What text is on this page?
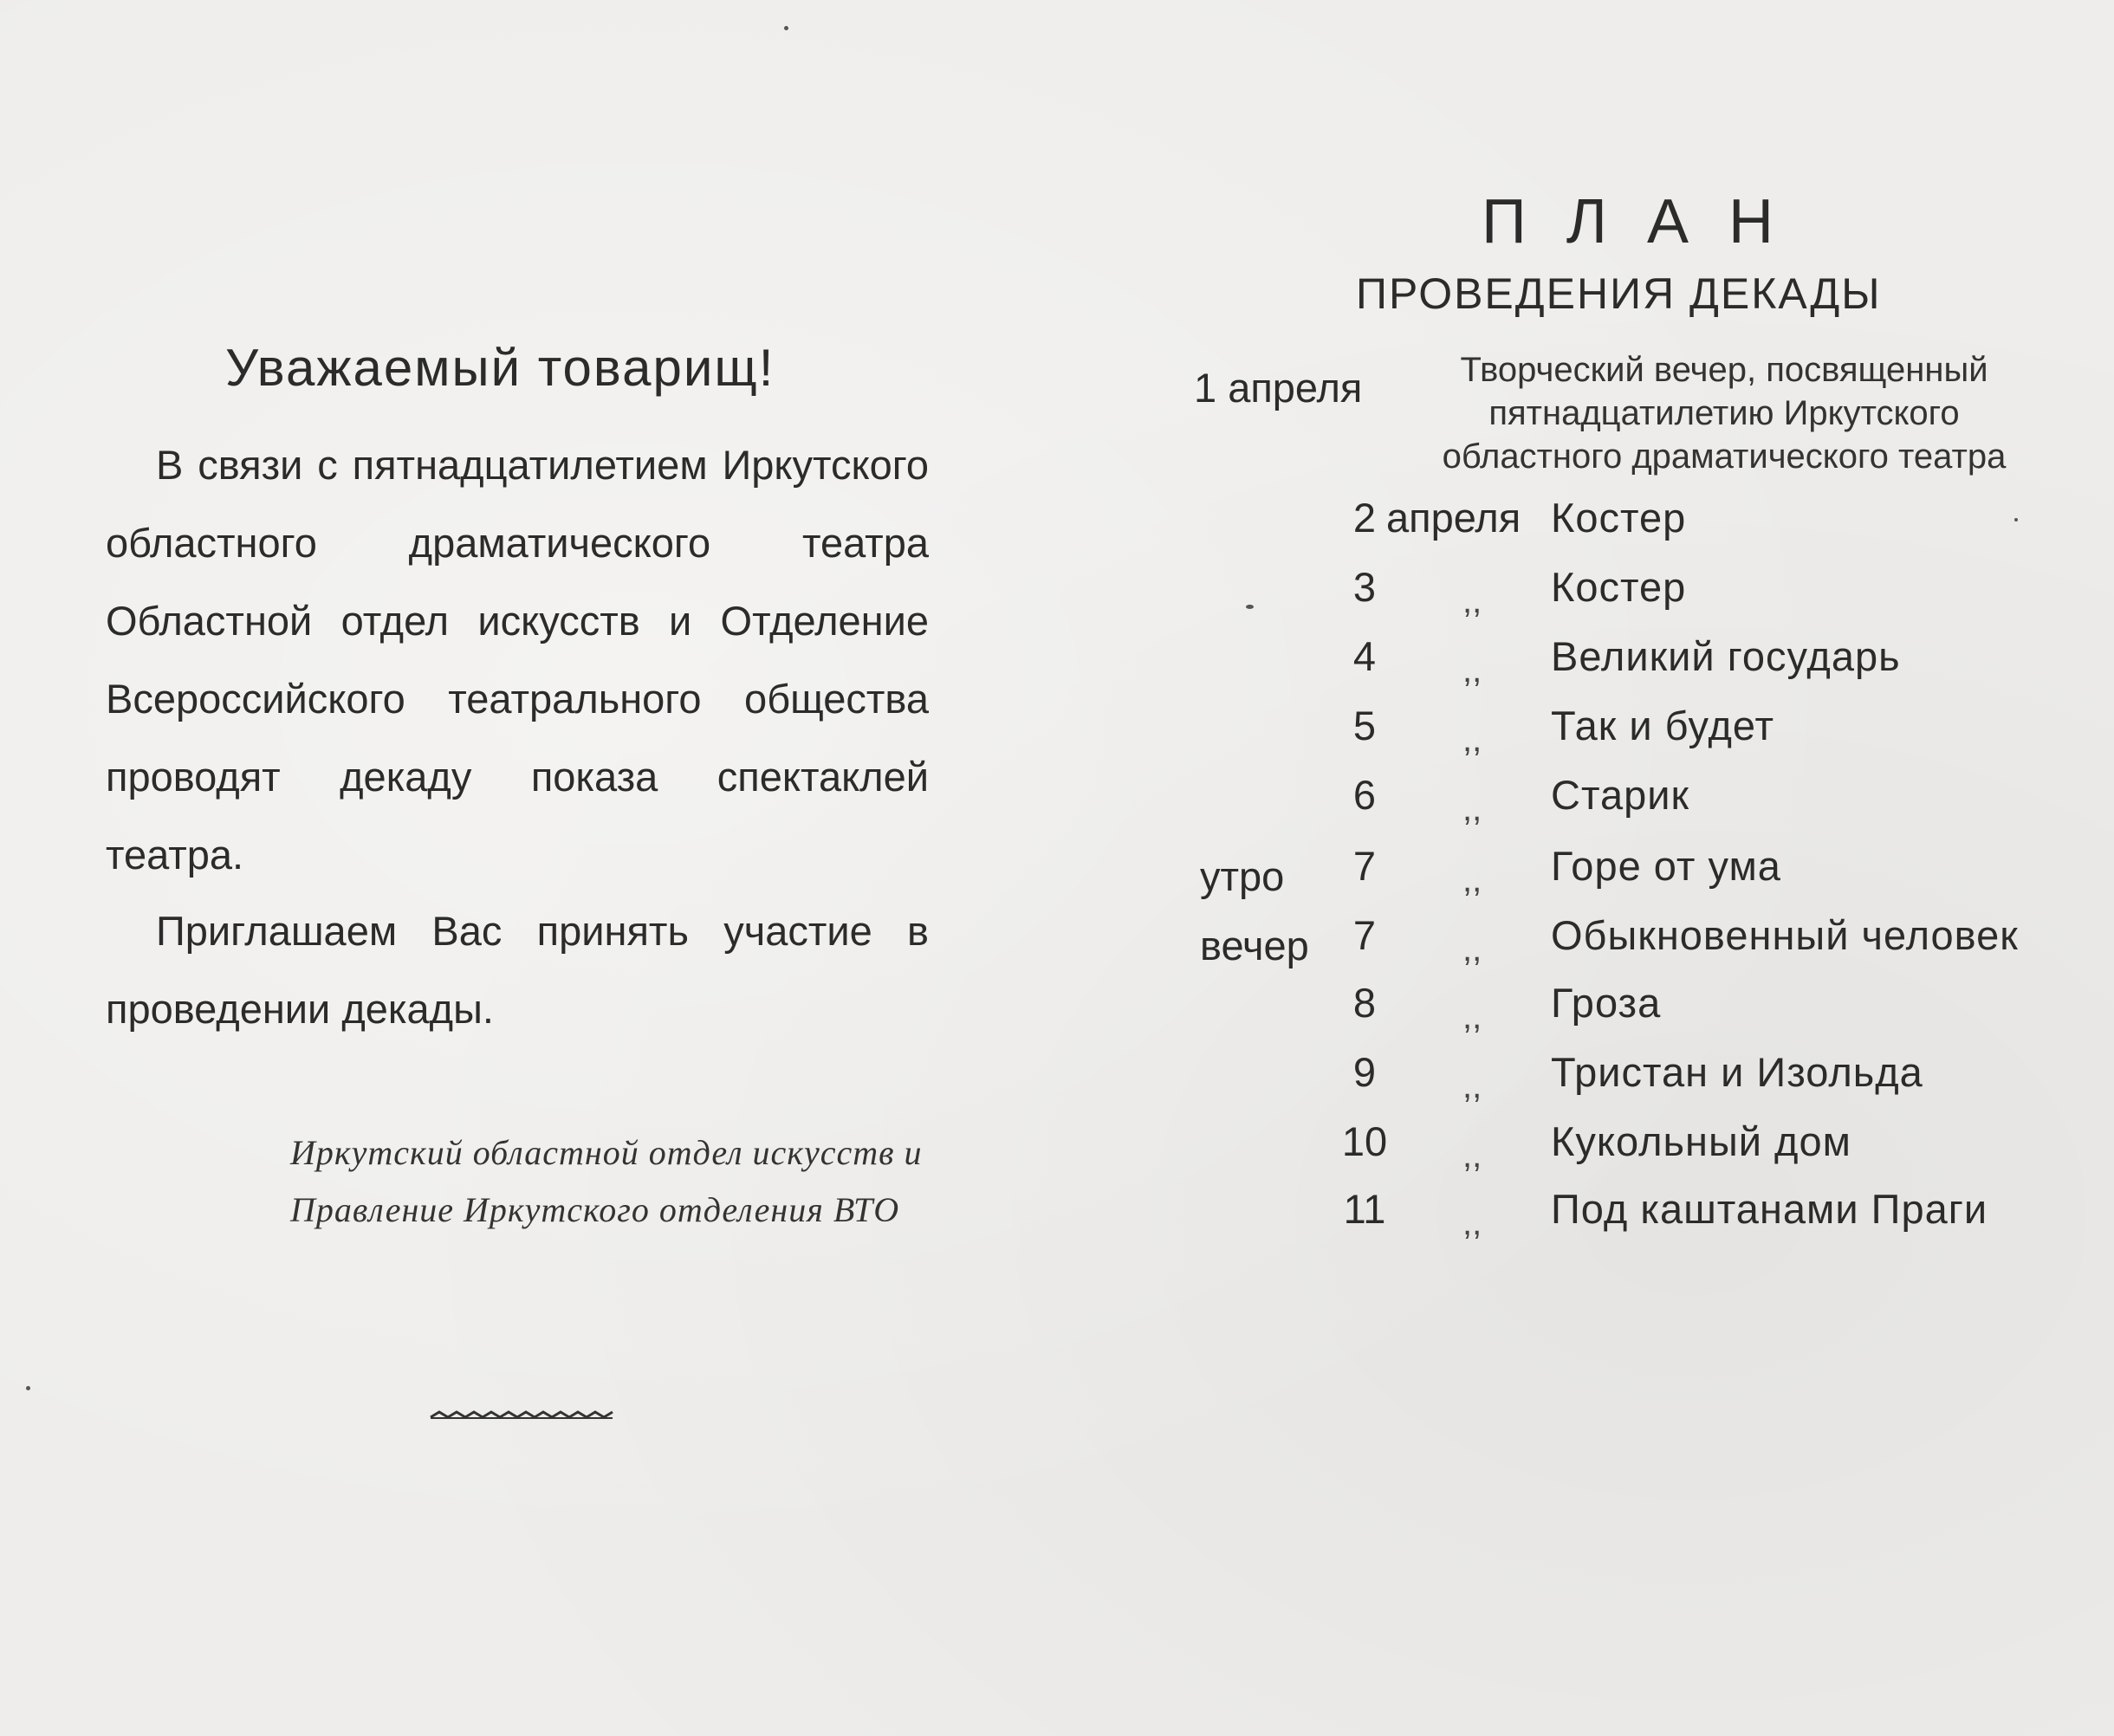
Уважаемый товарищ!
В связи с пятнадцатилетием Иркутского областного драматического театра Областной отдел искусств и Отделение Всероссийского театрального общества проводят декаду показа спектаклей театра.
Приглашаем Вас принять участие в проведении декады.
Иркутский областной отдел искусств и Правление Иркутского отделения ВТО
ПЛАН
ПРОВЕДЕНИЯ ДЕКАДЫ
1 апреля	Творческий вечер, посвященный пятнадцатилетию Иркутского областного драматического театра
2 апреля Костер
3	,, Костер
4	,, Великий государь
5	,, Так и будет
6	,, Старик
утро	7	,, Горе от ума
вечер	7	,, Обыкновенный человек
8	,, Гроза
9	,, Тристан и Изольда
10 ,, Кукольный дом
11 ,, Под каштанами Праги
